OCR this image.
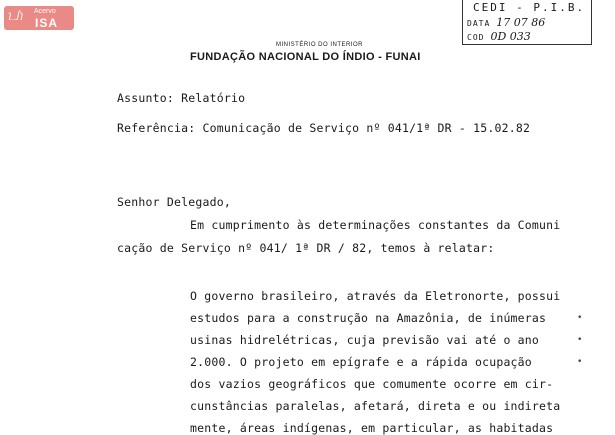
ɿ_ʃɿ Acervo
ISA
CEDI - P.I.B.
DATA 17 07 86
COD 0D 033
MINISTÉRIO DO INTERIOR
FUNDAÇÃO NACIONAL DO ÍNDIO - FUNAI
Assunto: Relatório
Referência: Comunicação de Serviço nº 041/1ª DR - 15.02.82
Senhor Delegado,
Em cumprimento às determinações constantes da Comuni
cação de Serviço nº 041/ 1ª DR / 82, temos à relatar:
O governo brasileiro, através da Eletronorte, possui
estudos para a construção na Amazônia, de inúmeras
usinas hidrelétricas, cuja previsão vai até o ano
2.000. O projeto em epígrafe e a rápida ocupação
dos vazios geográficos que comumente ocorre em cir-
cunstâncias paralelas, afetará, direta e ou indireta
mente, áreas indígenas, em particular, as habitadas
•
•
•
